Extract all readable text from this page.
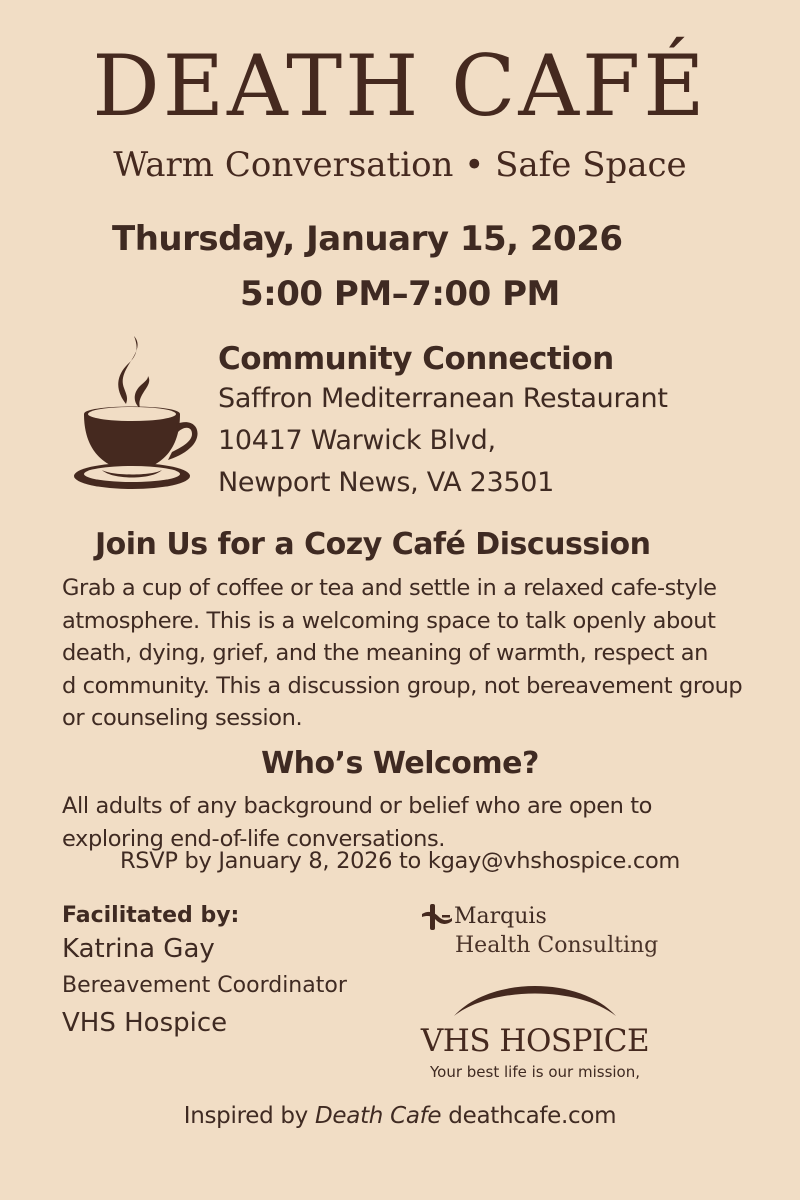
DEATH CAFÉ
Warm Conversation • Safe Space
Thursday, January 15, 2026
5:00 PM–7:00 PM
Community Connection
Saffron Mediterranean Restaurant
10417 Warwick Blvd,
Newport News, VA 23501
Join Us for a Cozy Café Discussion
Grab a cup of coffee or tea and settle in a relaxed cafe-style
atmosphere. This is a welcoming space to talk openly about
death, dying, grief, and the meaning of warmth, respect an
d community. This a discussion group, not bereavement group
or counseling session.
Who’s Welcome?
All adults of any background or belief who are open to
exploring end-of-life conversations.
RSVP by January 8, 2026 to kgay@vhshospice.com
Facilitated by:
Katrina Gay
Bereavement Coordinator
VHS Hospice
Marquis
Health Consulting
VHS HOSPICE
Your best life is our mission,
Inspired by Death Cafe deathcafe.com
